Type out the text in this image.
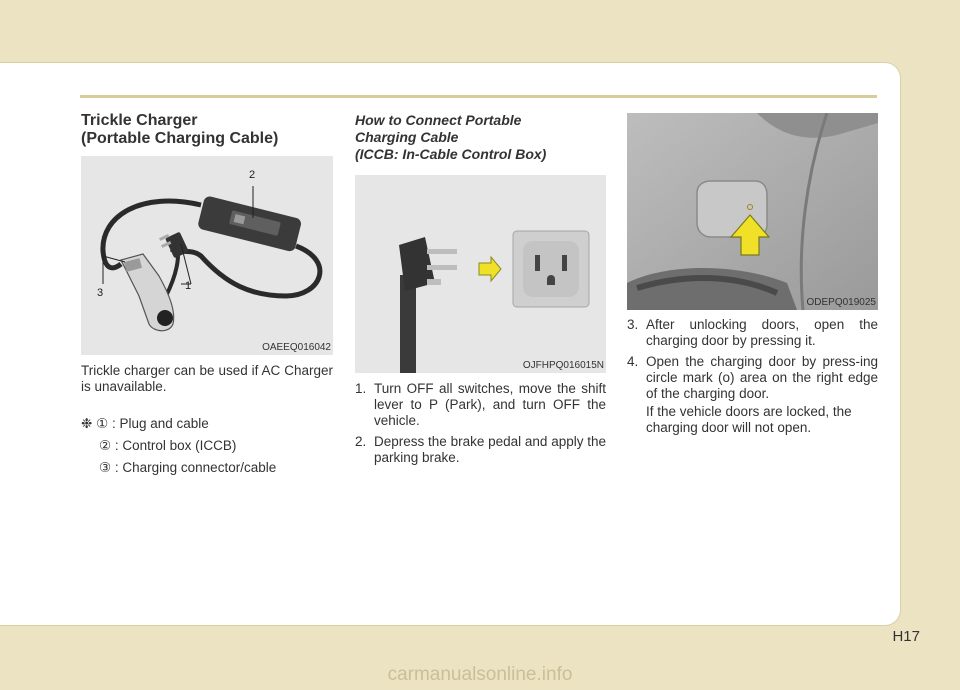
Trickle Charger
(Portable Charging Cable)
2
1
3
OAEEQ016042
Trickle charger can be used if AC Charger is unavailable.
❉ ① : Plug and cable
② : Control box (ICCB)
③ : Charging connector/cable
How to Connect Portable
Charging Cable
(ICCB: In-Cable Control Box)
OJFHPQ016015N
1. Turn OFF all switches, move the shift lever to P (Park), and turn OFF the vehicle.
2. Depress the brake pedal and apply the parking brake.
ODEPQ019025
3. After unlocking doors, open the charging door by pressing it.
4. Open the charging door by press-ing circle mark (o) area on the right edge of the charging door.
If the vehicle doors are locked, the charging door will not open.
H17
carmanualsonline.info
